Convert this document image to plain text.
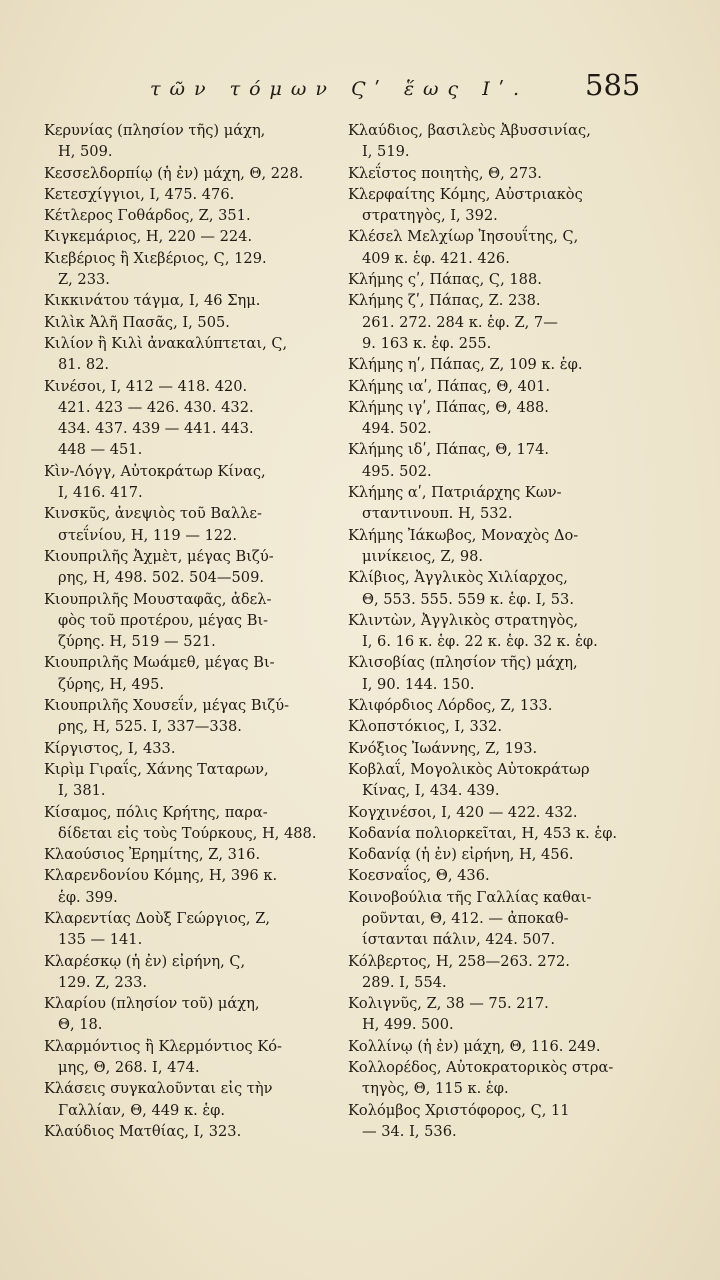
τῶν τόμων Ϛʹ ἕως Ιʹ. 585
Κερυνίας (πλησίον τῆς) μάχη,
Η, 509.
Κεσσελδορπίῳ (ἡ ἐν) μάχη, Θ, 228.
Κετεσχίγγιοι, Ι, 475. 476.
Κέτλερος Γοθάρδος, Ζ, 351.
Κιγκεμάριος, Η, 220 — 224.
Κιεβέριος ἢ Χιεβέριος, Ϛ, 129.
Ζ, 233.
Κικκινάτου τάγμα, Ι, 46 Σημ.
Κιλὶκ Ἀλῆ Πασᾶς, Ι, 505.
Κιλίον ἢ Κιλὶ ἀνακαλύπτεται, Ϛ,
81. 82.
Κινέσοι, Ι, 412 — 418. 420.
421. 423 — 426. 430. 432.
434. 437. 439 — 441. 443.
448 — 451.
Κὶν-Λόγγ, Αὐτοκράτωρ Κίνας,
Ι, 416. 417.
Κινσκῦς, ἀνεψιὸς τοῦ Βαλλε-
στεΐνίου, Η, 119 — 122.
Κιουπριλῆς Ἀχμὲτ, μέγας Βιζύ-
ρης, Η, 498. 502. 504—509.
Κιουπριλῆς Μουσταφᾶς, ἀδελ-
φὸς τοῦ προτέρου, μέγας Βι-
ζύρης. Η, 519 — 521.
Κιουπριλῆς Μωάμεθ, μέγας Βι-
ζύρης, Η, 495.
Κιουπριλῆς Χουσεΐν, μέγας Βιζύ-
ρης, Η, 525. Ι, 337—338.
Κίργιστος, Ι, 433.
Κιρὶμ Γιραΐς, Χάνης Ταταρων,
Ι, 381.
Κίσαμος, πόλις Κρήτης, παρα-
δίδεται εἰς τοὺς Τούρκους, Η, 488.
Κλαούσιος Ἐρημίτης, Ζ, 316.
Κλαρενδονίου Κόμης, Η, 396 κ.
ἑφ. 399.
Κλαρεντίας Δοὺξ Γεώργιος, Ζ,
135 — 141.
Κλαρέσκῳ (ἡ ἐν) εἰρήνη, Ϛ,
129. Ζ, 233.
Κλαρίου (πλησίον τοῦ) μάχη,
Θ, 18.
Κλαρμόντιος ἢ Κλερμόντιος Κό-
μης, Θ, 268. Ι, 474.
Κλάσεις συγκαλοῦνται εἰς τὴν
Γαλλίαν, Θ, 449 κ. ἑφ.
Κλαύδιος Ματθίας, Ι, 323.
Κλαύδιος, βασιλεὺς Ἀβυσσινίας,
Ι, 519.
Κλεΐστος ποιητὴς, Θ, 273.
Κλερφαίτης Κόμης, Αὐστριακὸς
στρατηγὸς, Ι, 392.
Κλέσελ Μελχίωρ Ἰησουΐτης, Ϛ,
409 κ. ἑφ. 421. 426.
Κλήμης ςʹ, Πάπας, Ϛ, 188.
Κλήμης ζʹ, Πάπας, Ζ. 238.
261. 272. 284 κ. ἑφ. Ζ, 7—
9. 163 κ. ἑφ. 255.
Κλήμης ηʹ, Πάπας, Ζ, 109 κ. ἑφ.
Κλήμης ιαʹ, Πάπας, Θ, 401.
Κλήμης ιγʹ, Πάπας, Θ, 488.
494. 502.
Κλήμης ιδʹ, Πάπας, Θ, 174.
495. 502.
Κλήμης αʹ, Πατριάρχης Κων-
σταντινουπ. Η, 532.
Κλήμης Ἰάκωβος, Μοναχὸς Δο-
μινίκειος, Ζ, 98.
Κλίβιος, Ἀγγλικὸς Χιλίαρχος,
Θ, 553. 555. 559 κ. ἑφ. Ι, 53.
Κλιντὼν, Ἀγγλικὸς στρατηγὸς,
Ι, 6. 16 κ. ἑφ. 22 κ. ἑφ. 32 κ. ἑφ.
Κλισοβίας (πλησίον τῆς) μάχη,
Ι, 90. 144. 150.
Κλιφόρδιος Λόρδος, Ζ, 133.
Κλοπστόκιος, Ι, 332.
Κνόξιος Ἰωάννης, Ζ, 193.
Κοβλαΐ, Μογολικὸς Αὐτοκράτωρ
Κίνας, Ι, 434. 439.
Κογχινέσοι, Ι, 420 — 422. 432.
Κοδανία πολιορκεῖται, Η, 453 κ. ἑφ.
Κοδανίᾳ (ἡ ἐν) εἰρήνη, Η, 456.
Κοεσναΐος, Θ, 436.
Κοινοβούλια τῆς Γαλλίας καθαι-
ροῦνται, Θ, 412. — ἀποκαθ-
ίστανται πάλιν, 424. 507.
Κόλβερτος, Η, 258—263. 272.
289. Ι, 554.
Κολιγνῦς, Ζ, 38 — 75. 217.
Η, 499. 500.
Κολλίνῳ (ἡ ἐν) μάχη, Θ, 116. 249.
Κολλορέδος, Αὐτοκρατορικὸς στρα-
τηγὸς, Θ, 115 κ. ἑφ.
Κολόμβος Χριστόφορος, Ϛ, 11
— 34. Ι, 536.
